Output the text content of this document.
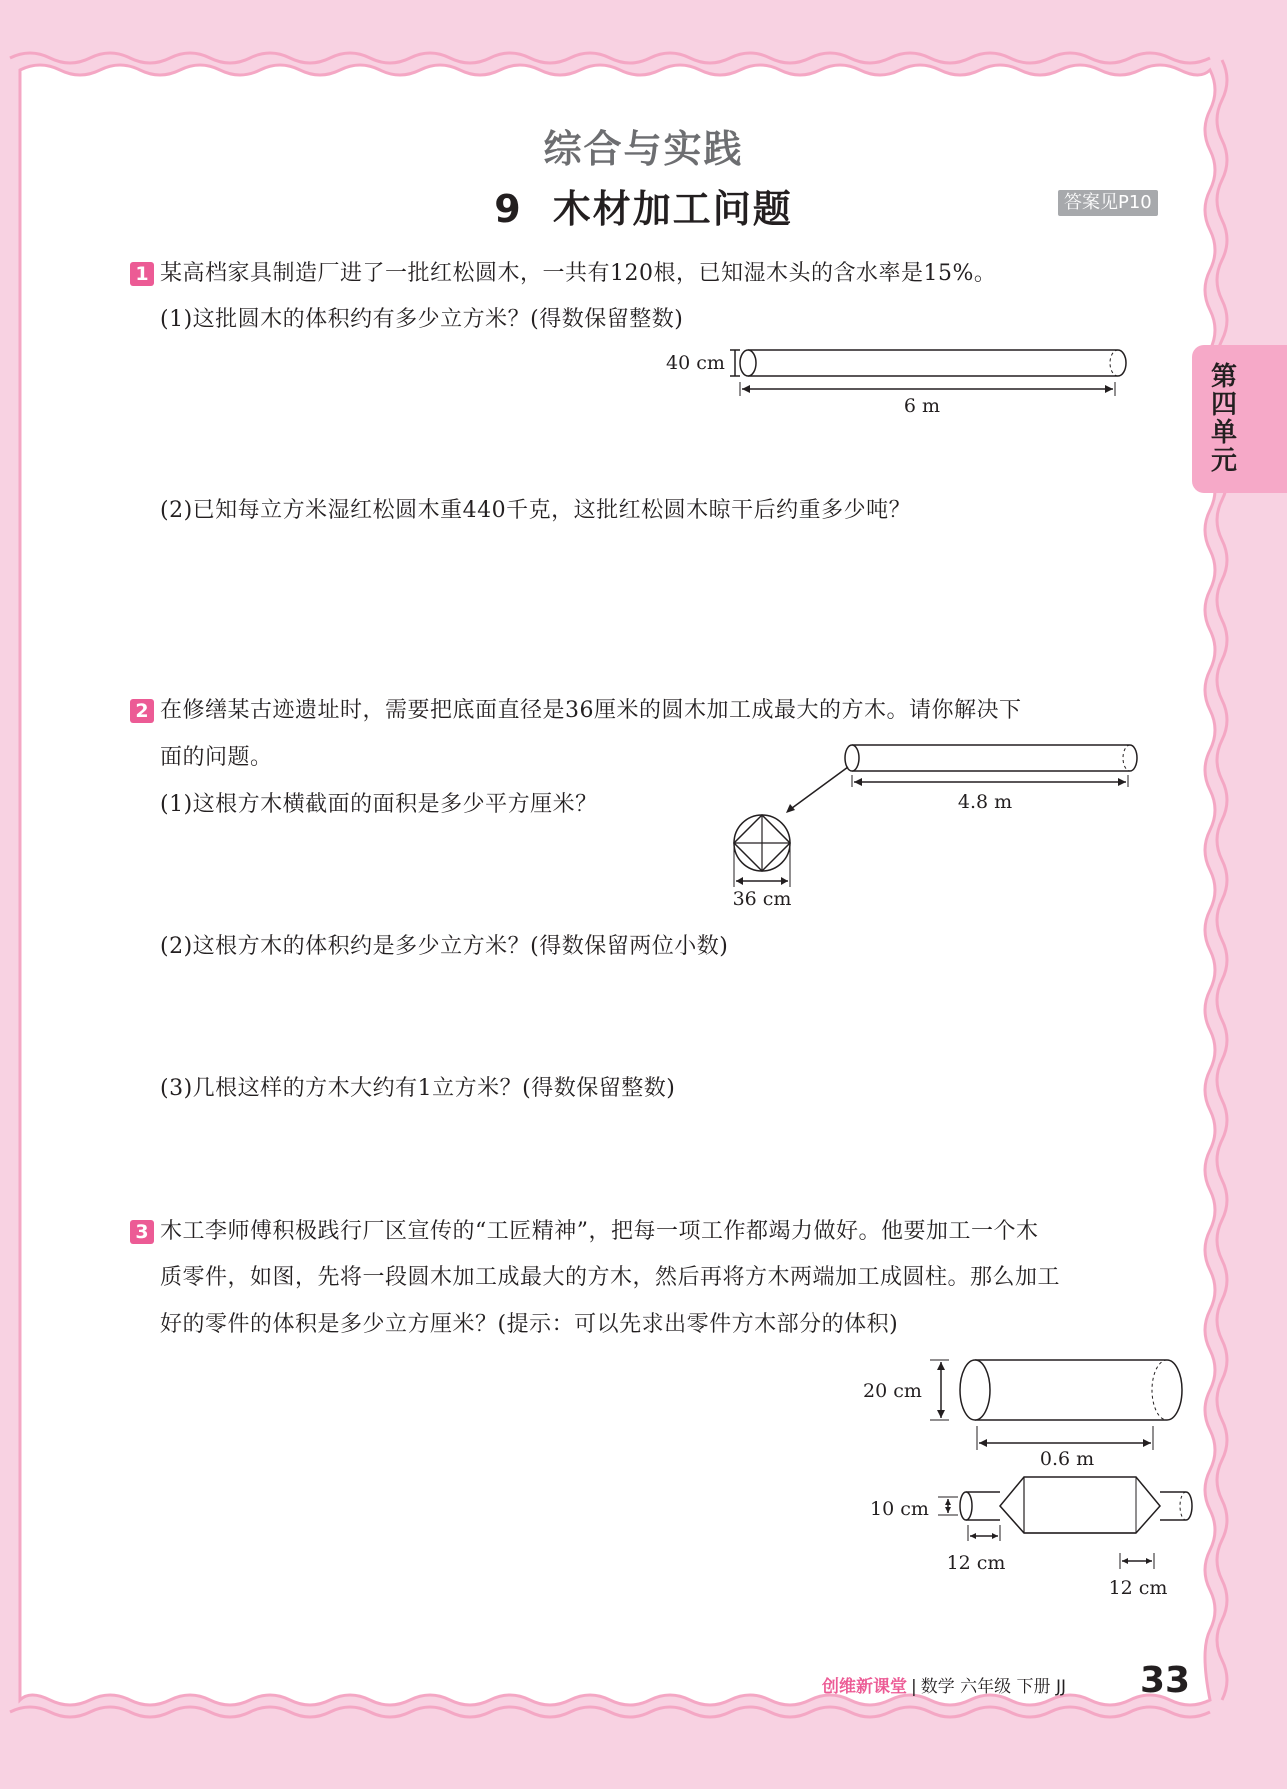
综合与实践
9 木材加工问题	答案见P10
第
四
单
元
1 某高档家具制造厂进了一批红松圆木，一共有120根，已知湿木头的含水率是15%。
(1)这批圆木的体积约有多少立方米？(得数保留整数)
40 cm
6 m
(2)已知每立方米湿红松圆木重440千克，这批红松圆木晾干后约重多少吨？
2 在修缮某古迹遗址时，需要把底面直径是36厘米的圆木加工成最大的方木。请你解决下
面的问题。
(1)这根方木横截面的面积是多少平方厘米？	4.8 m
36 cm
(2)这根方木的体积约是多少立方米？(得数保留两位小数)
(3)几根这样的方木大约有1立方米？(得数保留整数)
3 木工李师傅积极践行厂区宣传的“工匠精神”，把每一项工作都竭力做好。他要加工一个木
质零件，如图，先将一段圆木加工成最大的方木，然后再将方木两端加工成圆柱。那么加工
好的零件的体积是多少立方厘米？(提示：可以先求出零件方木部分的体积)
20 cm
0.6 m
10 cm
12 cm
12 cm
创维新课堂 | 数学 六年级 下册 JJ 33
